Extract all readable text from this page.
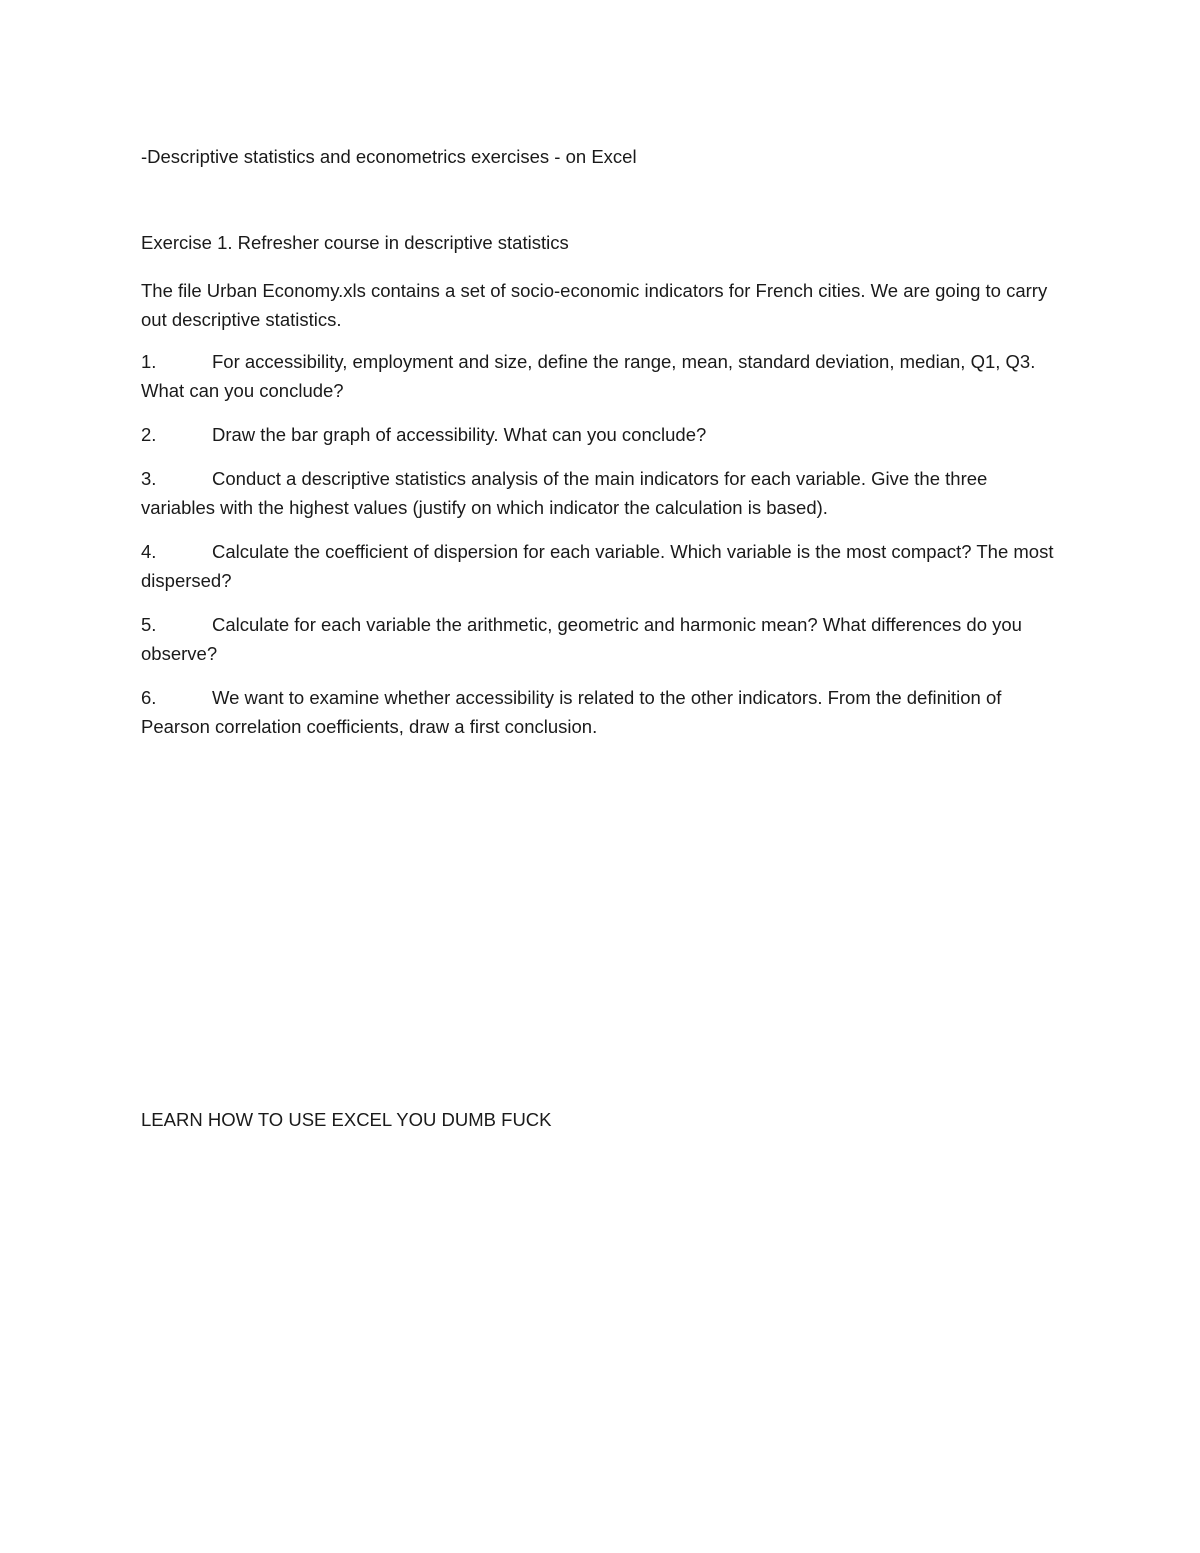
-Descriptive statistics and econometrics exercises - on Excel
Exercise 1. Refresher course in descriptive statistics
The file Urban Economy.xls contains a set of socio-economic indicators for French cities. We are going to carry out descriptive statistics.
1.	For accessibility, employment and size, define the range, mean, standard deviation, median, Q1, Q3. What can you conclude?
2.	Draw the bar graph of accessibility. What can you conclude?
3.	Conduct a descriptive statistics analysis of the main indicators for each variable. Give the three variables with the highest values (justify on which indicator the calculation is based).
4.	Calculate the coefficient of dispersion for each variable. Which variable is the most compact? The most dispersed?
5.	Calculate for each variable the arithmetic, geometric and harmonic mean? What differences do you observe?
6.	We want to examine whether accessibility is related to the other indicators. From the definition of Pearson correlation coefficients, draw a first conclusion.
LEARN HOW TO USE EXCEL YOU DUMB FUCK
